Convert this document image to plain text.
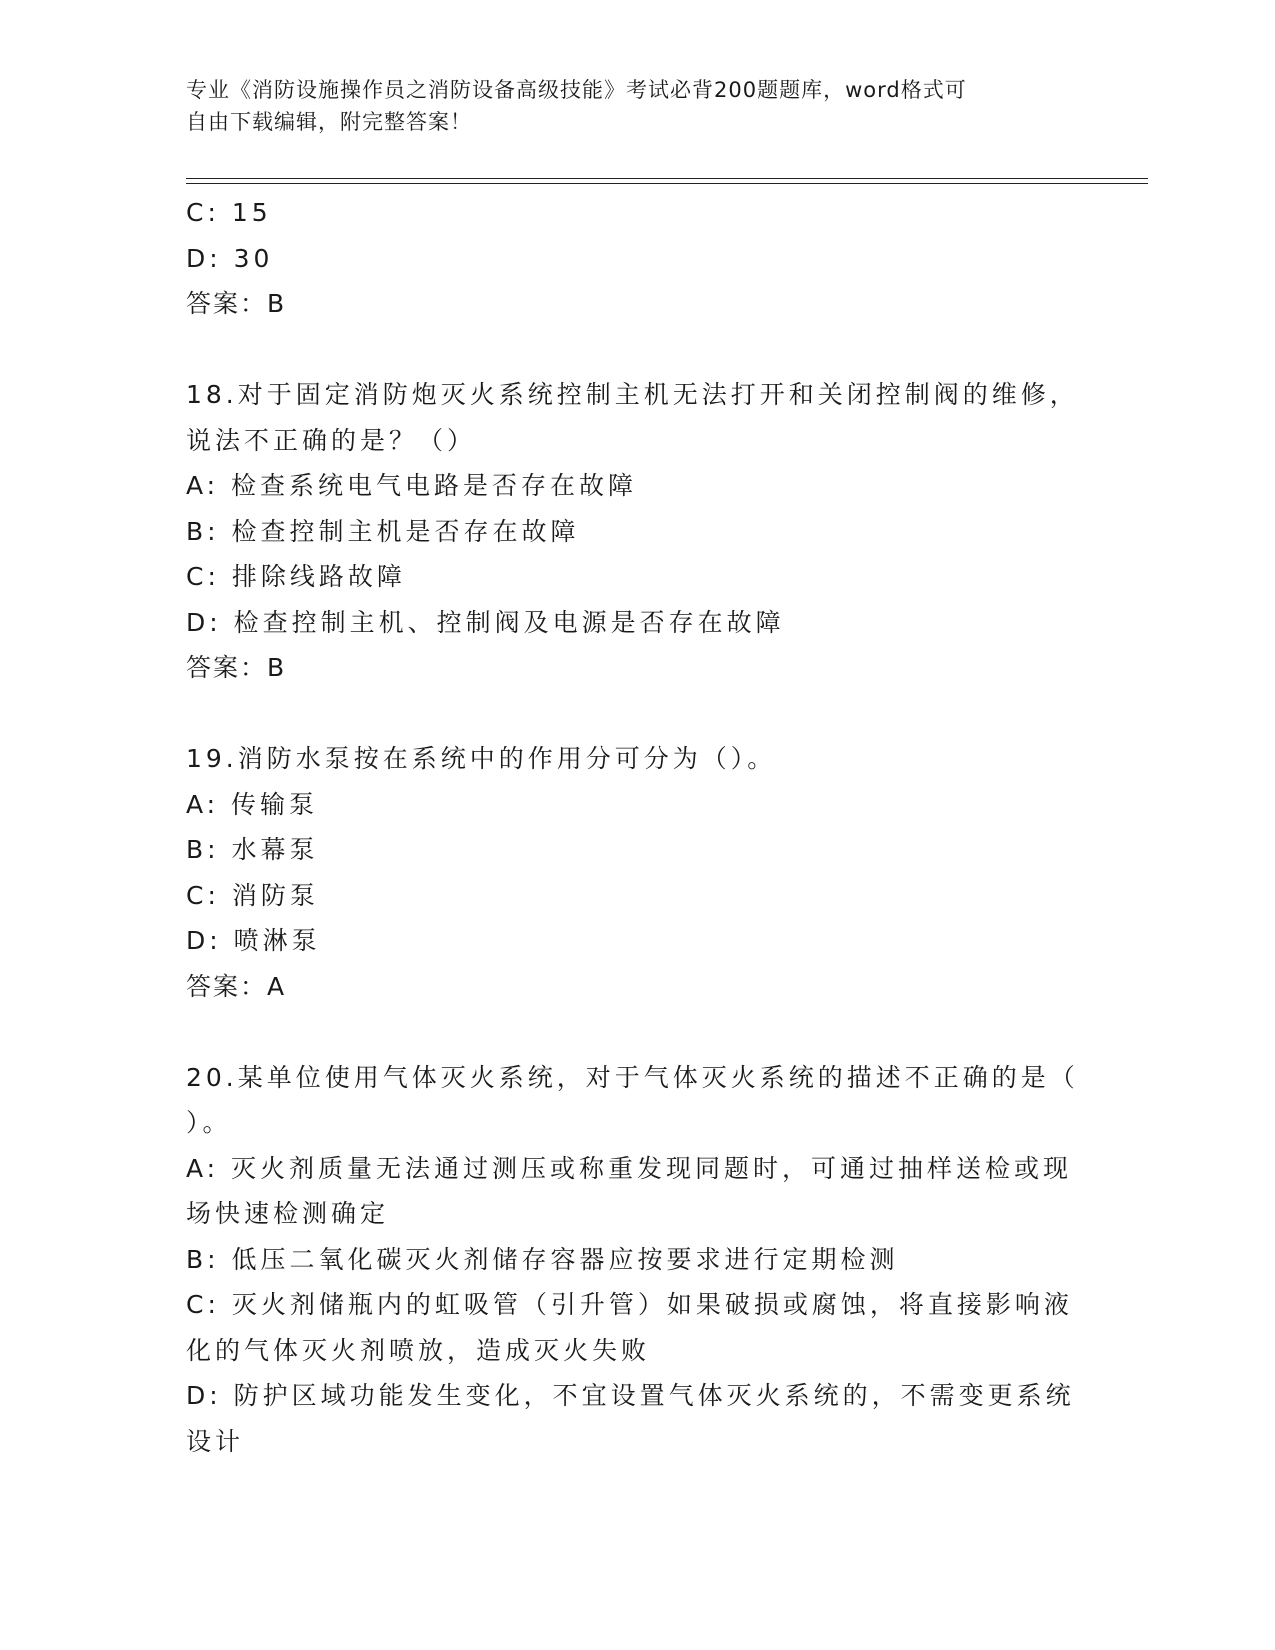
专业《消防设施操作员之消防设备高级技能》考试必背200题题库，word格式可
自由下载编辑，附完整答案！
C: 15
D: 30
答案：B
18.对于固定消防炮灭火系统控制主机无法打开和关闭控制阀的维修，
说法不正确的是？（）
A: 检查系统电气电路是否存在故障
B: 检查控制主机是否存在故障
C: 排除线路故障
D: 检查控制主机、控制阀及电源是否存在故障
答案：B
19.消防水泵按在系统中的作用分可分为（）。
A: 传输泵
B: 水幕泵
C: 消防泵
D: 喷淋泵
答案：A
20.某单位使用气体灭火系统，对于气体灭火系统的描述不正确的是（
）。
A: 灭火剂质量无法通过测压或称重发现同题时，可通过抽样送检或现
场快速检测确定
B: 低压二氧化碳灭火剂储存容器应按要求进行定期检测
C: 灭火剂储瓶内的虹吸管（引升管）如果破损或腐蚀，将直接影响液
化的气体灭火剂喷放，造成灭火失败
D: 防护区域功能发生变化，不宜设置气体灭火系统的，不需变更系统
设计
